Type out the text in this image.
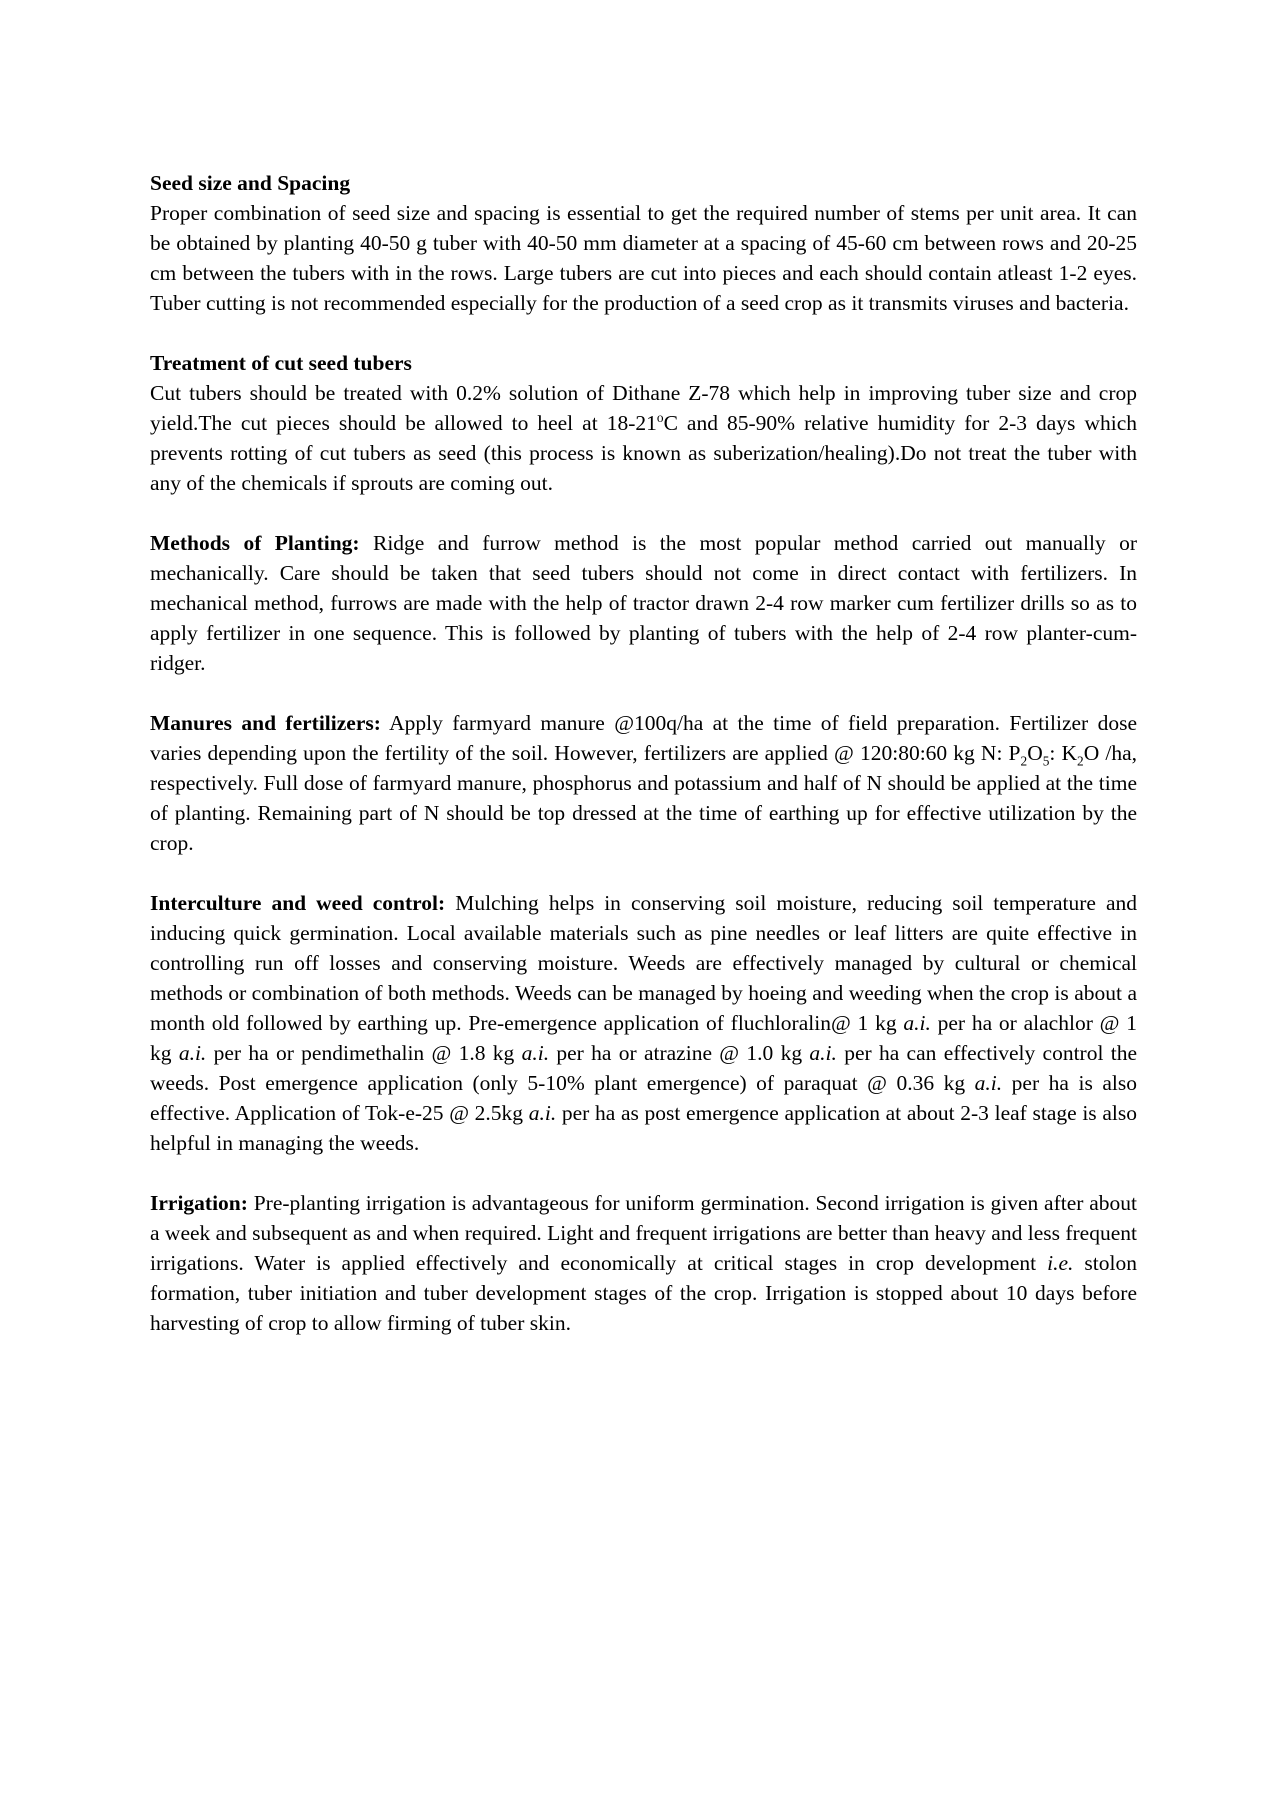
Seed size and Spacing

Proper combination of seed size and spacing is essential to get the required number of stems per unit area. It can be obtained by planting 40-50 g tuber with 40-50 mm diameter at a spacing of 45-60 cm between rows and 20-25 cm between the tubers with in the rows. Large tubers are cut into pieces and each should contain atleast 1-2 eyes. Tuber cutting is not recommended especially for the production of a seed crop as it transmits viruses and bacteria.

Treatment of cut seed tubers

Cut tubers should be treated with 0.2% solution of Dithane Z-78 which help in improving tuber size and crop yield.The cut pieces should be allowed to heel at 18-21$^o$C and 85-90% relative humidity for 2-3 days which prevents rotting of cut tubers as seed (this process is known as suberization/healing).Do not treat the tuber with any of the chemicals if sprouts are coming out.

Methods of Planting: Ridge and furrow method is the most popular method carried out manually or mechanically. Care should be taken that seed tubers should not come in direct contact with fertilizers. In mechanical method, furrows are made with the help of tractor drawn 2-4 row marker cum fertilizer drills so as to apply fertilizer in one sequence. This is followed by planting of tubers with the help of 2-4 row planter-cum-ridger.

Manures and fertilizers: Apply farmyard manure @100q/ha at the time of field preparation. Fertilizer dose varies depending upon the fertility of the soil. However, fertilizers are applied @ 120:80:60 kg N: $P_2O_5$: $K_2O$ /ha, respectively. Full dose of farmyard manure, phosphorus and potassium and half of N should be applied at the time of planting. Remaining part of N should be top dressed at the time of earthing up for effective utilization by the crop.

Interculture and weed control: Mulching helps in conserving soil moisture, reducing soil temperature and inducing quick germination. Local available materials such as pine needles or leaf litters are quite effective in controlling run off losses and conserving moisture. Weeds are effectively managed by cultural or chemical methods or combination of both methods. Weeds can be managed by hoeing and weeding when the crop is about a month old followed by earthing up. Pre-emergence application of fluchloralin@ 1 kg a.i. per ha or alachlor @ 1 kg a.i. per ha or pendimethalin @ 1.8 kg a.i. per ha or atrazine @ 1.0 kg a.i. per ha can effectively control the weeds. Post emergence application (only 5-10% plant emergence) of paraquat @ 0.36 kg a.i. per ha is also effective. Application of Tok-e-25 @ 2.5kg a.i. per ha as post emergence application at about 2-3 leaf stage is also helpful in managing the weeds.

Irrigation: Pre-planting irrigation is advantageous for uniform germination. Second irrigation is given after about a week and subsequent as and when required. Light and frequent irrigations are better than heavy and less frequent irrigations. Water is applied effectively and economically at critical stages in crop development i.e. stolon formation, tuber initiation and tuber development stages of the crop. Irrigation is stopped about 10 days before harvesting of crop to allow firming of tuber skin.
